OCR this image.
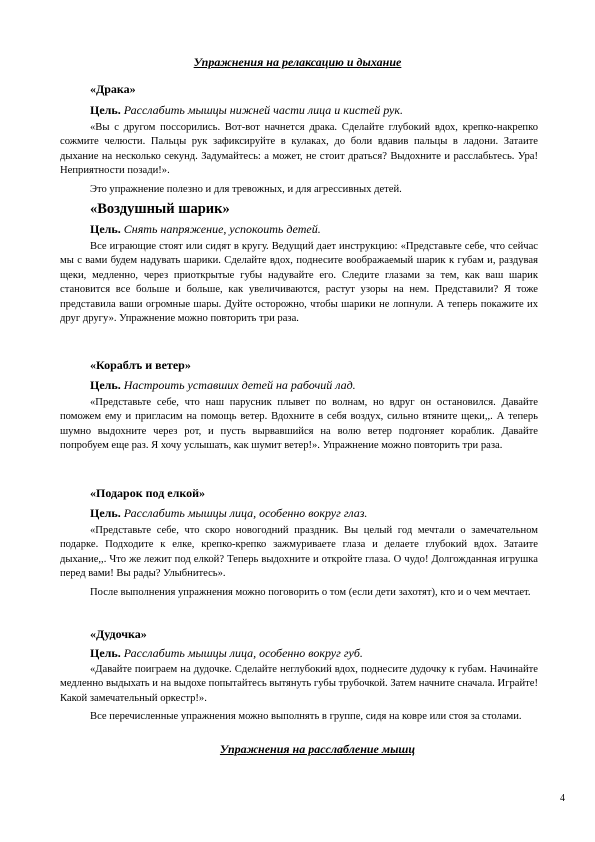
Упражнения на релаксацию и дыхание
«Драка»
Цель. Расслабить мышцы нижней части лица и кистей рук.

«Вы с другом поссорились. Вот-вот начнется драка. Сделайте глубокий вдох, крепко-накрепко сожмите челюсти. Пальцы рук зафиксируйте в кулаках, до боли вдавив пальцы в ладони. Затаите дыхание на несколько секунд. Задумайтесь: а может, не стоит драться? Выдохните и расслабьтесь. Ура! Неприятности позади!».

Это упражнение полезно и для тревожных, и для агрессивных детей.

«Воздушный шарик»
Цель. Снять напряжение, успокоить детей.

Все играющие стоят или сидят в кругу. Ведущий дает инструкцию: «Представьте себе, что сейчас мы с вами будем надувать шарики. Сделайте вдох, поднесите воображаемый шарик к губам и, раздувая щеки, медленно, через приоткрытые губы надувайте его. Следите глазами за тем, как ваш шарик становится все больше и больше, как увеличиваются, растут узоры на нем. Представили? Я тоже представила ваши огромные шары. Дуйте осторожно, чтобы шарики не лопнули. А теперь покажите их друг другу». Упражнение можно повторить три раза.

«Кораблъ и ветер»
Цель. Настроить уставших детей на рабочий лад.

«Представьте себе, что наш парусник плывет по волнам, но вдруг он остановился. Давайте поможем ему и пригласим на помощь ветер. Вдохните в себя воздух, сильно втяните щеки,,. А теперь шумно выдохните через рот, и пусть вырвавшийся на волю ветер подгоняет кораблик. Давайте попробуем еще раз. Я хочу услышать, как шумит ветер!». Упражнение можно повторить три раза.

«Подарок под елкой»
Цель. Расслабить мышцы лица, особенно вокруг глаз.

«Представьте себе, что скоро новогодний праздник. Вы целый год мечтали о замечательном подарке. Подходите к елке, крепко-крепко зажмуриваете глаза и делаете глубокий вдох. Затаите дыхание,,. Что же лежит под елкой? Теперь выдохните и откройте глаза. О чудо! Долгожданная игрушка перед вами! Вы рады? Улыбнитесь».

После выполнения упражнения можно поговорить о том (если дети захотят), кто и о чем мечтает.

«Дудочка»
Цель. Расслабить мышцы лица, особенно вокруг губ.

«Давайте поиграем на дудочке. Сделайте неглубокий вдох, поднесите дудочку к губам. Начинайте медленно выдыхать и на выдохе попытайтесь вытянуть губы трубочкой. Затем начните сначала. Играйте! Какой замечательный оркестр!».

Все перечисленные упражнения можно выполнять в группе, сидя на ковре или стоя за столами.

Упражнения на расслабление мышц
4
